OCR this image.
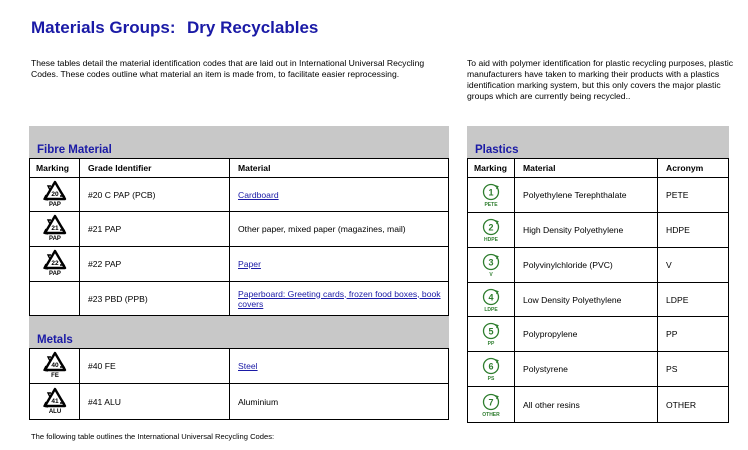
Materials Groups: Dry Recyclables
These tables detail the material identification codes that are laid out in International Universal Recycling Codes. These codes outline what material an item is made from, to facilitate easier reprocessing.
To aid with polymer identification for plastic recycling purposes, plastic manufacturers have taken to marking their products with a plastics identification marking system, but this only covers the major plastic groups which are currently being recycled..
Fibre Material
Marking	Grade Identifier	Material

20
PAP	#20 C PAP (PCB)	Cardboard

21
PAP	#21 PAP	Other paper, mixed paper (magazines, mail)

22
PAP	#22 PAP	Paper
	#23 PBD (PPB)	Paperboard: Greeting cards, frozen food boxes, book covers
Metals
40
FE	#40 FE	Steel

41
ALU	#41 ALU	Aluminium
Plastics
Marking	Material	Acronym

1
PETE	Polyethylene Terephthalate	PETE

2
HDPE	High Density Polyethylene	HDPE

3
V	Polyvinylchloride (PVC)	V

4
LDPE	Low Density Polyethylene	LDPE

5
PP	Polypropylene	PP

6
PS	Polystyrene	PS

7
OTHER	All other resins	OTHER
The following table outlines the International Universal Recycling Codes:
